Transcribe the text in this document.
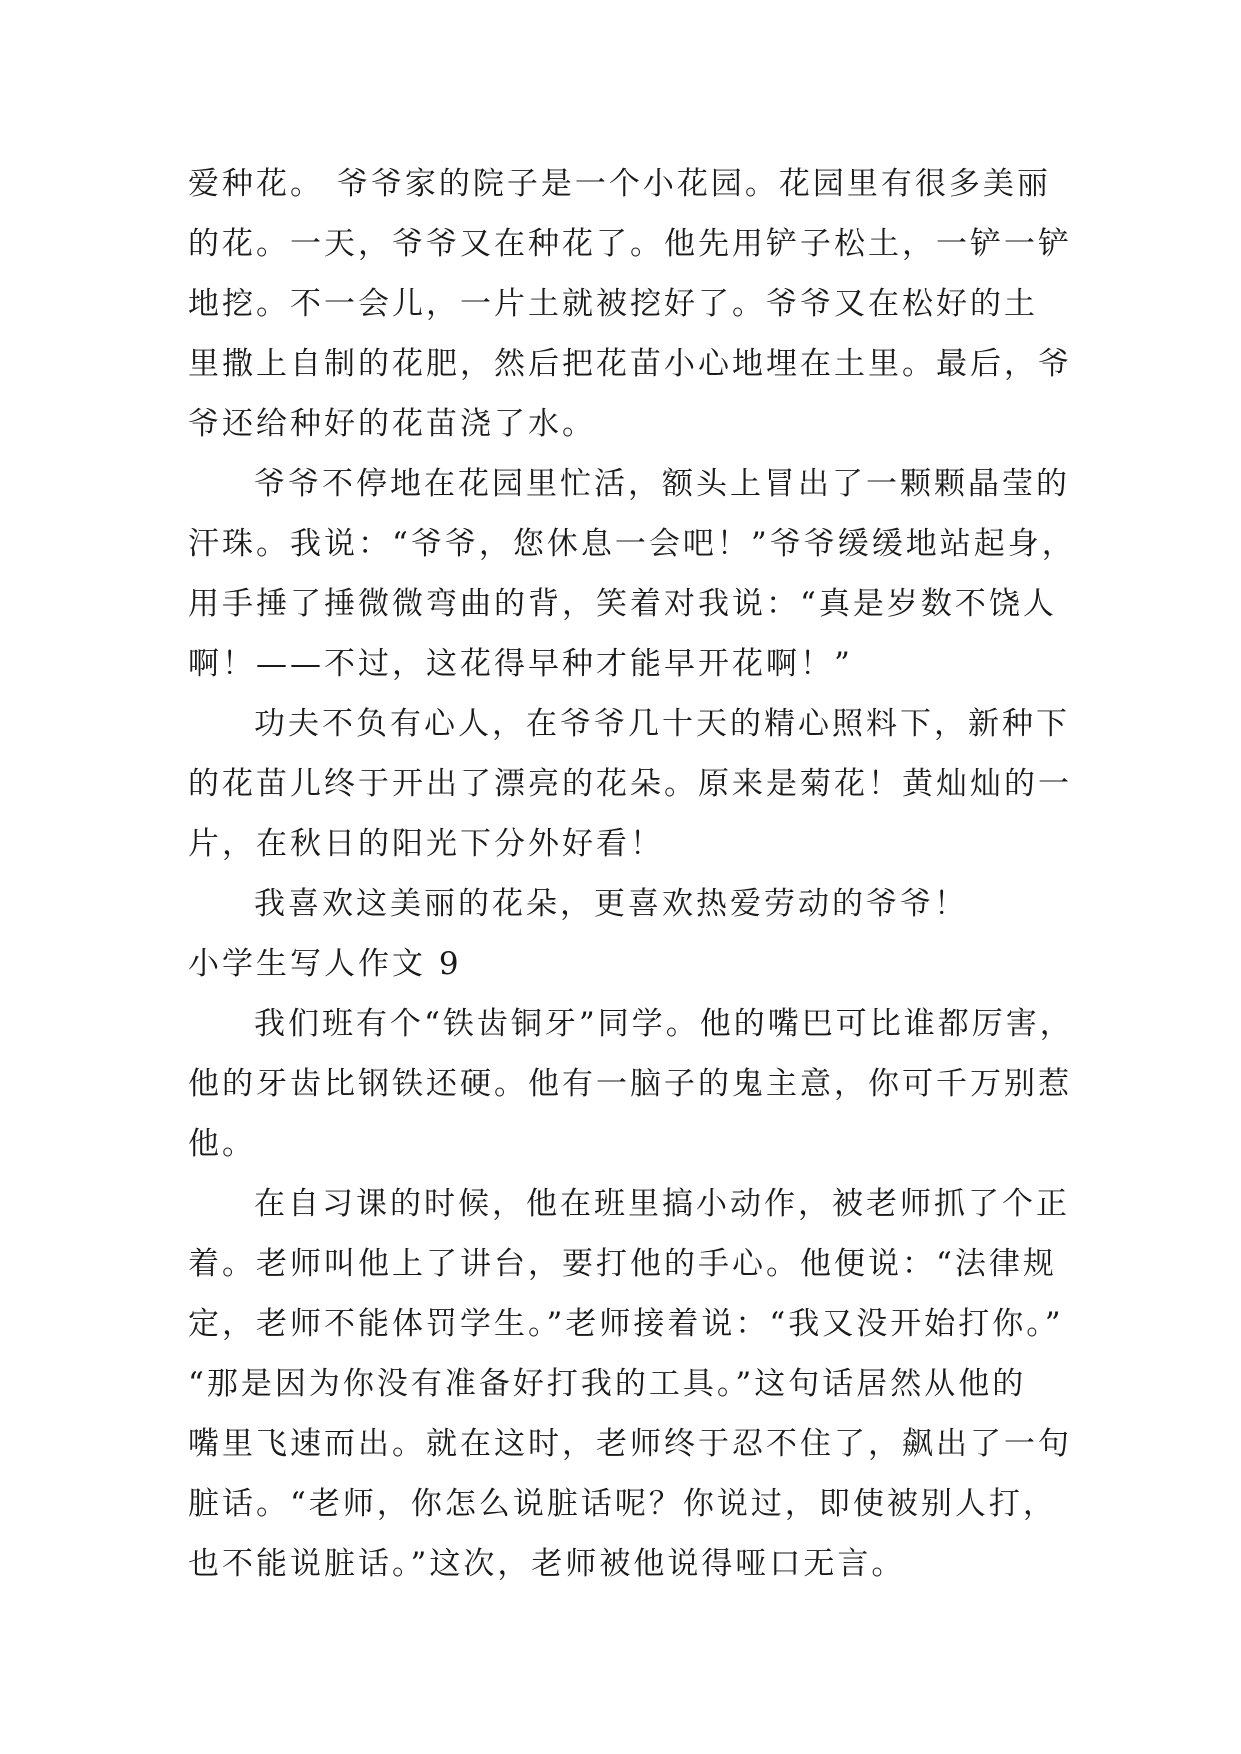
爱种花。 爷爷家的院子是一个小花园。花园里有很多美丽
的花。一天，爷爷又在种花了。他先用铲子松土，一铲一铲
地挖。不一会儿，一片土就被挖好了。爷爷又在松好的土
里撒上自制的花肥，然后把花苗小心地埋在土里。最后，爷
爷还给种好的花苗浇了水。
爷爷不停地在花园里忙活，额头上冒出了一颗颗晶莹的
汗珠。我说：“爷爷，您休息一会吧！”爷爷缓缓地站起身，
用手捶了捶微微弯曲的背，笑着对我说：“真是岁数不饶人
啊！——不过，这花得早种才能早开花啊！”
功夫不负有心人，在爷爷几十天的精心照料下，新种下
的花苗儿终于开出了漂亮的花朵。原来是菊花！黄灿灿的一
片，在秋日的阳光下分外好看！
我喜欢这美丽的花朵，更喜欢热爱劳动的爷爷！
小学生写人作文 9
我们班有个“铁齿铜牙”同学。他的嘴巴可比谁都厉害，
他的牙齿比钢铁还硬。他有一脑子的鬼主意，你可千万别惹
他。
在自习课的时候，他在班里搞小动作，被老师抓了个正
着。老师叫他上了讲台，要打他的手心。他便说：“法律规
定，老师不能体罚学生。”老师接着说：“我又没开始打你。”
“那是因为你没有准备好打我的工具。”这句话居然从他的
嘴里飞速而出。就在这时，老师终于忍不住了，飙出了一句
脏话。“老师，你怎么说脏话呢？你说过，即使被别人打，
也不能说脏话。”这次，老师被他说得哑口无言。
